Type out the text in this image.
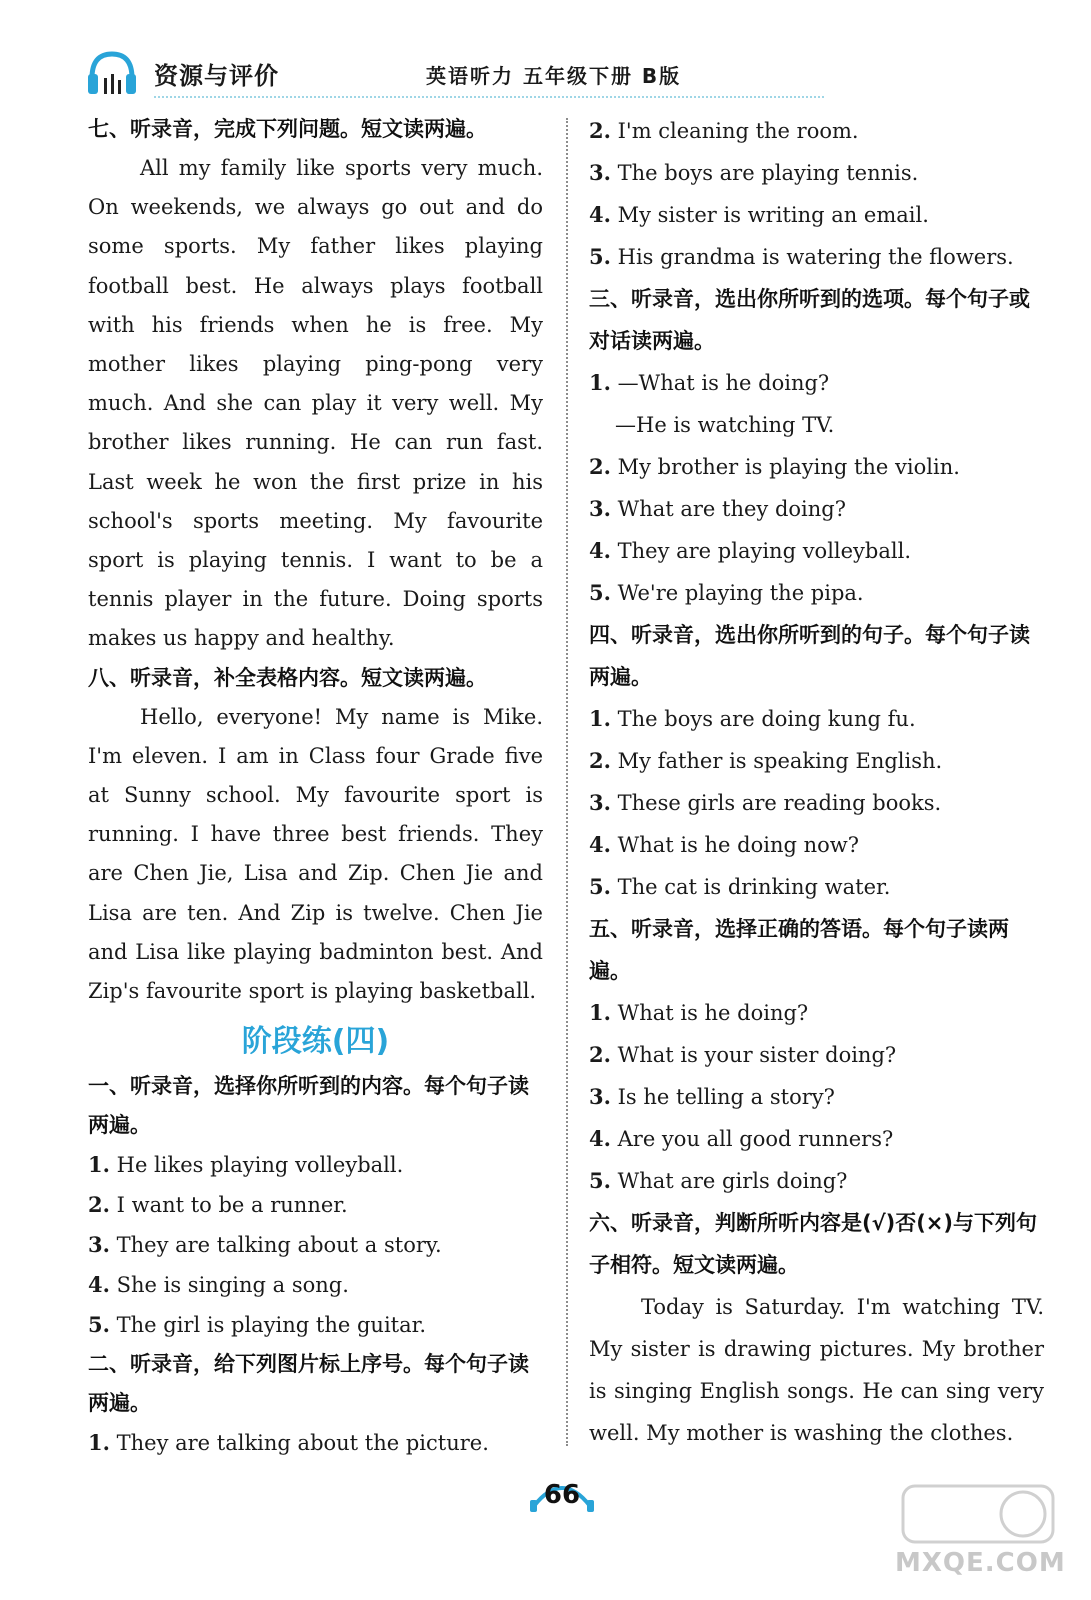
资源与评价	英语听力 五年级下册 B版
七、听录音，完成下列问题。短文读两遍。
All my family like sports very much. On weekends, we always go out and do some sports. My father likes playing football best. He always plays football with his friends when he is free. My mother likes playing ping-pong very much. And she can play it very well. My brother likes running. He can run fast. Last week he won the first prize in his school's sports meeting. My favourite sport is playing tennis. I want to be a tennis player in the future. Doing sports makes us happy and healthy.
八、听录音，补全表格内容。短文读两遍。
Hello, everyone! My name is Mike. I'm eleven. I am in Class four Grade five at Sunny school. My favourite sport is running. I have three best friends. They are Chen Jie, Lisa and Zip. Chen Jie and Lisa are ten. And Zip is twelve. Chen Jie and Lisa like playing badminton best. And Zip's favourite sport is playing basketball.
阶段练(四)
一、听录音，选择你所听到的内容。每个句子读两遍。
1. He likes playing volleyball.
2. I want to be a runner.
3. They are talking about a story.
4. She is singing a song.
5. The girl is playing the guitar.
二、听录音，给下列图片标上序号。每个句子读两遍。
1. They are talking about the picture.
2. I'm cleaning the room.
3. The boys are playing tennis.
4. My sister is writing an email.
5. His grandma is watering the flowers.
三、听录音，选出你所听到的选项。每个句子或对话读两遍。
1. —What is he doing?
—He is watching TV.
2. My brother is playing the violin.
3. What are they doing?
4. They are playing volleyball.
5. We're playing the pipa.
四、听录音，选出你所听到的句子。每个句子读两遍。
1. The boys are doing kung fu.
2. My father is speaking English.
3. These girls are reading books.
4. What is he doing now?
5. The cat is drinking water.
五、听录音，选择正确的答语。每个句子读两遍。
1. What is he doing?
2. What is your sister doing?
3. Is he telling a story?
4. Are you all good runners?
5. What are girls doing?
六、听录音，判断所听内容是(√)否(×)与下列句子相符。短文读两遍。
Today is Saturday. I'm watching TV. My sister is drawing pictures. My brother is singing English songs. He can sing very well. My mother is washing the clothes.
66
MXQE.COM
